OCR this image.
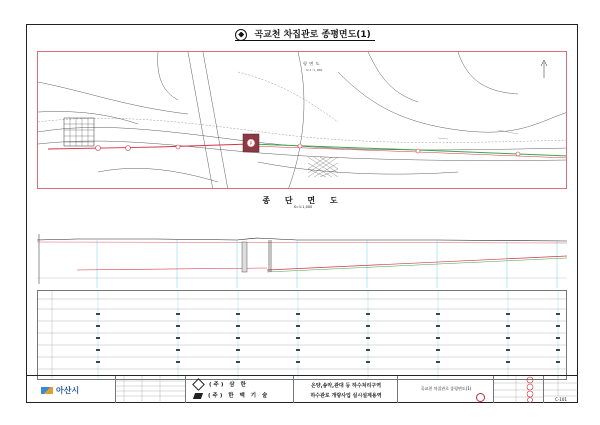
곡교천 차집관로 종평면도(1)
P
평 면 도
S=1:1,000
종 단 면 도
S=1:1,000
아산시
(주) 삼 한
(주) 한 맥 기 술
온양,송악,관대 등 하수처리구역
하수관로 개량사업 실시설계용역
곡교천 차집관로 종평면도(1)
C-101
